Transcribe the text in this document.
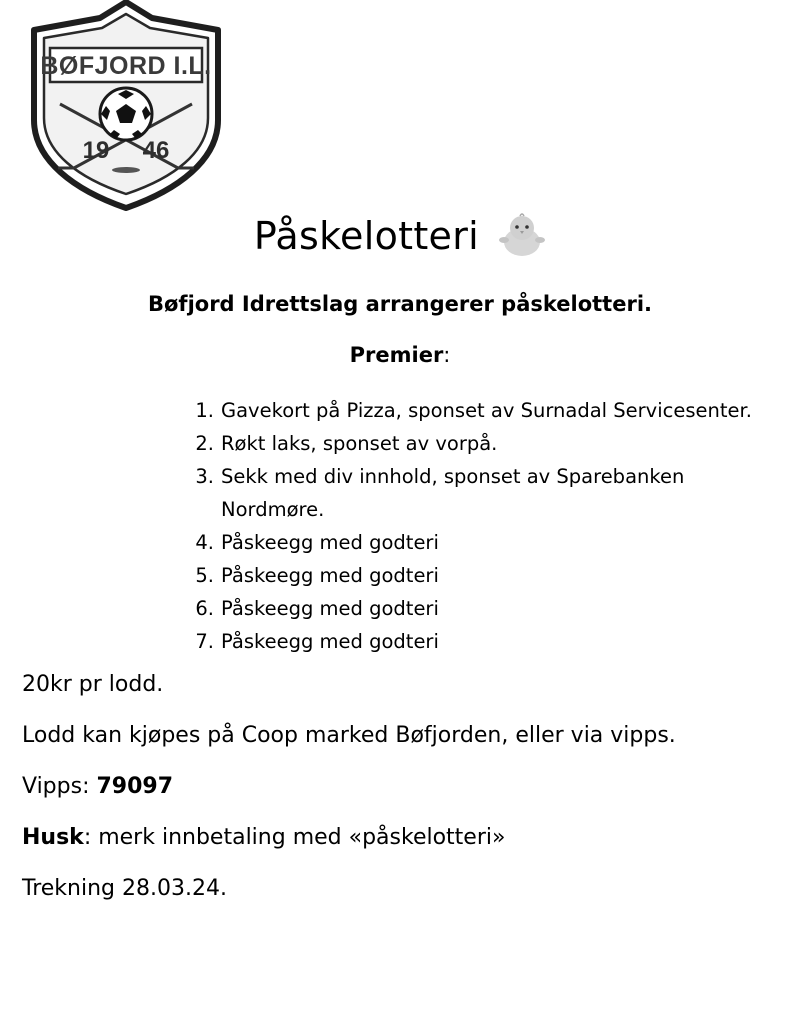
BØFJORD I.L.
19 46
Påskelotteri
Bøfjord Idrettslag arrangerer påskelotteri.
Premier:
1. Gavekort på Pizza, sponset av Surnadal Servicesenter.
2. Røkt laks, sponset av vorpå.
3. Sekk med div innhold, sponset av Sparebanken Nordmøre.
4. Påskeegg med godteri
5. Påskeegg med godteri
6. Påskeegg med godteri
7. Påskeegg med godteri
20kr pr lodd.
Lodd kan kjøpes på Coop marked Bøfjorden, eller via vipps.
Vipps: 79097
Husk: merk innbetaling med «påskelotteri»
Trekning 28.03.24.
